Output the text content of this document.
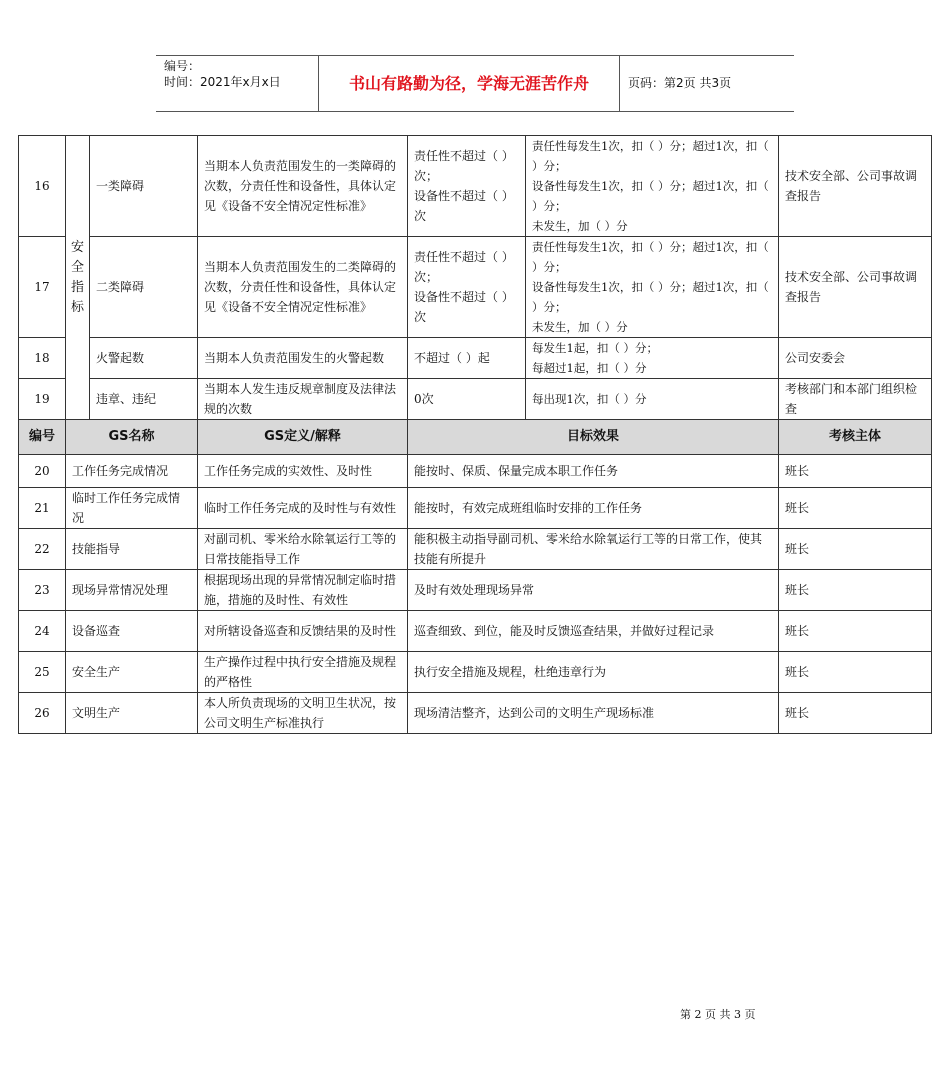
编号：
时间：2021年x月x日	书山有路勤为径，学海无涯苦作舟	页码：第2页 共3页
16	安全指标	一类障碍	当期本人负责范围发生的一类障碍的次数，分责任性和设备性，具体认定见《设备不安全情况定性标准》	责任性不超过（ ）次；
设备性不超过（ ）次	责任性每发生1次，扣（ ）分；超过1次，扣（ ）分；
设备性每发生1次，扣（ ）分；超过1次，扣（ ）分；
未发生，加（ ）分	技术安全部、公司事故调查报告
17		二类障碍	当期本人负责范围发生的二类障碍的次数，分责任性和设备性，具体认定见《设备不安全情况定性标准》	责任性不超过（ ）次；
设备性不超过（ ）次	责任性每发生1次，扣（ ）分；超过1次，扣（ ）分；
设备性每发生1次，扣（ ）分；超过1次，扣（ ）分；
未发生，加（ ）分	技术安全部、公司事故调查报告
18		火警起数	当期本人负责范围发生的火警起数	不超过（ ）起	每发生1起，扣（ ）分；
每超过1起，扣（ ）分	公司安委会
19		违章、违纪	当期本人发生违反规章制度及法律法规的次数	0次	每出现1次，扣（ ）分	考核部门和本部门组织检查
编号	GS名称		GS定义/解释	目标效果		考核主体
20	工作任务完成情况		工作任务完成的实效性、及时性	能按时、保质、保量完成本职工作任务		班长
21	临时工作任务完成情况		临时工作任务完成的及时性与有效性	能按时，有效完成班组临时安排的工作任务		班长
22	技能指导		对副司机、零米给水除氧运行工等的日常技能指导工作	能积极主动指导副司机、零米给水除氧运行工等的日常工作，使其技能有所提升		班长
23	现场异常情况处理		根据现场出现的异常情况制定临时措施，措施的及时性、有效性	及时有效处理现场异常		班长
24	设备巡查		对所辖设备巡查和反馈结果的及时性	巡查细致、到位，能及时反馈巡查结果，并做好过程记录		班长
25	安全生产		生产操作过程中执行安全措施及规程的严格性	执行安全措施及规程，杜绝违章行为		班长
26	文明生产		本人所负责现场的文明卫生状况，按公司文明生产标准执行	现场清洁整齐，达到公司的文明生产现场标准		班长
第 2 页 共 3 页
